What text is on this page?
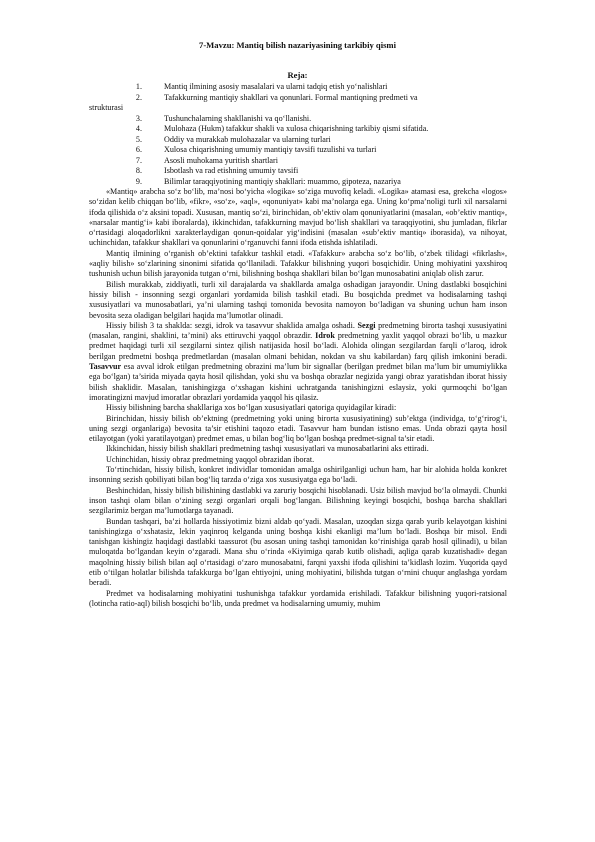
7-Mavzu: Mantiq bilish nazariyasining tarkibiy qismi
Reja:
1.	Mantiq ilmining asosiy masalalari va ularni tadqiq etish yo‘nalishlari
2.	Tafakkurning mantiqiy shakllari va qonunlari. Formal mantiqning predmeti va
strukturasi
3.	Tushunchalarning shakllanishi va qo‘llanishi.
4.	Mulohaza (Hukm) tafakkur shakli va xulosa chiqarishning tarkibiy qismi sifatida.
5.	Oddiy va murakkab mulohazalar va ularning turlari
6.	Xulosa chiqarishning umumiy mantiqiy tavsifi tuzulishi va turlari
7.	Asosli muhokama yuritish shartlari
8.	Isbotlash va rad etishning umumiy tavsifi
9.	Bilimlar taraqqiyotining mantiqiy shakllari: muammo, gipoteza, nazariya

«Mantiq» arabcha so‘z bo‘lib, ma’nosi bo‘yicha «logika» so‘ziga muvofiq keladi. «Logika» atamasi esa, grekcha «logos» so‘zidan kelib chiqqan bo‘lib, «fikr», «so‘z», «aql», «qonuniyat» kabi ma’nolarga ega. Uning ko‘pma’noligi turli xil narsalarni ifoda qilishida o‘z aksini topadi. Xususan, mantiq so‘zi, birinchidan, ob’ektiv olam qonuniyatlarini (masalan, «ob’ektiv mantiq», «narsalar mantig‘i» kabi iboralarda), ikkinchidan, tafakkurning mavjud bo‘lish shakllari va taraqqiyotini, shu jumladan, fikrlar o‘rtasidagi aloqadorlikni xarakterlaydigan qonun-qoidalar yig‘indisini (masalan «sub’ektiv mantiq» iborasida), va nihoyat, uchinchidan, tafakkur shakllari va qonunlarini o‘rganuvchi fanni ifoda etishda ishlatiladi.

Mantiq ilmining o‘rganish ob’ektini tafakkur tashkil etadi. «Tafakkur» arabcha so‘z bo‘lib, o‘zbek tilidagi «fikrlash», «aqliy bilish» so‘zlarining sinonimi sifatida qo‘llaniladi. Tafakkur bilishning yuqori bosqichidir. Uning mohiyatini yaxshiroq tushunish uchun bilish jarayonida tutgan o‘rni, bilishning boshqa shakllari bilan bo‘lgan munosabatini aniqlab olish zarur.

Bilish murakkab, ziddiyatli, turli xil darajalarda va shakllarda amalga oshadigan jarayondir. Uning dastlabki bosqichini hissiy bilish - insonning sezgi organlari yordamida bilish tashkil etadi. Bu bosqichda predmet va hodisalarning tashqi xususiyatlari va munosabatlari, ya’ni ularning tashqi tomonida bevosita namoyon bo‘ladigan va shuning uchun ham inson bevosita seza oladigan belgilari haqida ma’lumotlar olinadi.

Hissiy bilish 3 ta shaklda: sezgi, idrok va tasavvur shaklida amalga oshadi. Sezgi predmetning birorta tashqi xususiyatini (masalan, rangini, shaklini, ta’mini) aks ettiruvchi yaqqol obrazdir. Idrok predmetning yaxlit yaqqol obrazi bo‘lib, u mazkur predmet haqidagi turli xil sezgilarni sintez qilish natijasida hosil bo‘ladi. Alohida olingan sezgilardan farqli o‘laroq, idrok berilgan predmetni boshqa predmetlardan (masalan olmani behidan, nokdan va shu kabilardan) farq qilish imkonini beradi. Tasavvur esa avval idrok etilgan predmetning obrazini ma’lum bir signallar (berilgan predmet bilan ma’lum bir umumiylikka ega bo‘lgan) ta’sirida miyada qayta hosil qilishdan, yoki shu va boshqa obrazlar negizida yangi obraz yaratishdan iborat hissiy bilish shaklidir. Masalan, tanishingizga o‘xshagan kishini uchratganda tanishingizni eslaysiz, yoki qurmoqchi bo‘lgan imoratingizni mavjud imoratlar obrazlari yordamida yaqqol his qilasiz.

Hissiy bilishning barcha shakllariga xos bo‘lgan xususiyatlari qatoriga quyidagilar kiradi:

Birinchidan, hissiy bilish ob’ektning (predmetning yoki uning birorta xususiyatining) sub’ektga (individga, to‘g‘rirog‘i, uning sezgi organlariga) bevosita ta’sir etishini taqozo etadi. Tasavvur ham bundan istisno emas. Unda obrazi qayta hosil etilayotgan (yoki yaratilayotgan) predmet emas, u bilan bog‘liq bo‘lgan boshqa predmet-signal ta’sir etadi.

Ikkinchidan, hissiy bilish shakllari predmetning tashqi xususiyatlari va munosabatlarini aks ettiradi.

Uchinchidan, hissiy obraz predmetning yaqqol obrazidan iborat.

To‘rtinchidan, hissiy bilish, konkret individlar tomonidan amalga oshirilganligi uchun ham, har bir alohida holda konkret insonning sezish qobiliyati bilan bog‘liq tarzda o‘ziga xos xususiyatga ega bo‘ladi.

Beshinchidan, hissiy bilish bilishining dastlabki va zaruriy bosqichi hisoblanadi. Usiz bilish mavjud bo‘la olmaydi. Chunki inson tashqi olam bilan o‘zining sezgi organlari orqali bog‘langan. Bilishning keyingi bosqichi, boshqa barcha shakllari sezgilarimiz bergan ma’lumotlarga tayanadi.

Bundan tashqari, ba’zi hollarda hissiyotimiz bizni aldab qo‘yadi. Masalan, uzoqdan sizga qarab yurib kelayotgan kishini tanishingizga o‘xshatasiz, lekin yaqinroq kelganda uning boshqa kishi ekanligi ma’lum bo‘ladi. Boshqa bir misol. Endi tanishgan kishingiz haqidagi dastlabki taassurot (bu asosan uning tashqi tamonidan ko‘rinishiga qarab hosil qilinadi), u bilan muloqatda bo‘lgandan keyin o‘zgaradi. Mana shu o‘rinda «Kiyimiga qarab kutib olishadi, aqliga qarab kuzatishadi» degan maqolning hissiy bilish bilan aql o‘rtasidagi o‘zaro munosabatni, farqni yaxshi ifoda qilishini ta’kidlash lozim. Yuqorida qayd etib o‘tilgan holatlar bilishda tafakkurga bo‘lgan ehtiyojni, uning mohiyatini, bilishda tutgan o‘rnini chuqur anglashga yordam beradi.

Predmet va hodisalarning mohiyatini tushunishga tafakkur yordamida erishiladi. Tafakkur bilishning yuqori-ratsional (lotincha ratio-aql) bilish bosqichi bo‘lib, unda predmet va hodisalarning umumiy, muhim
